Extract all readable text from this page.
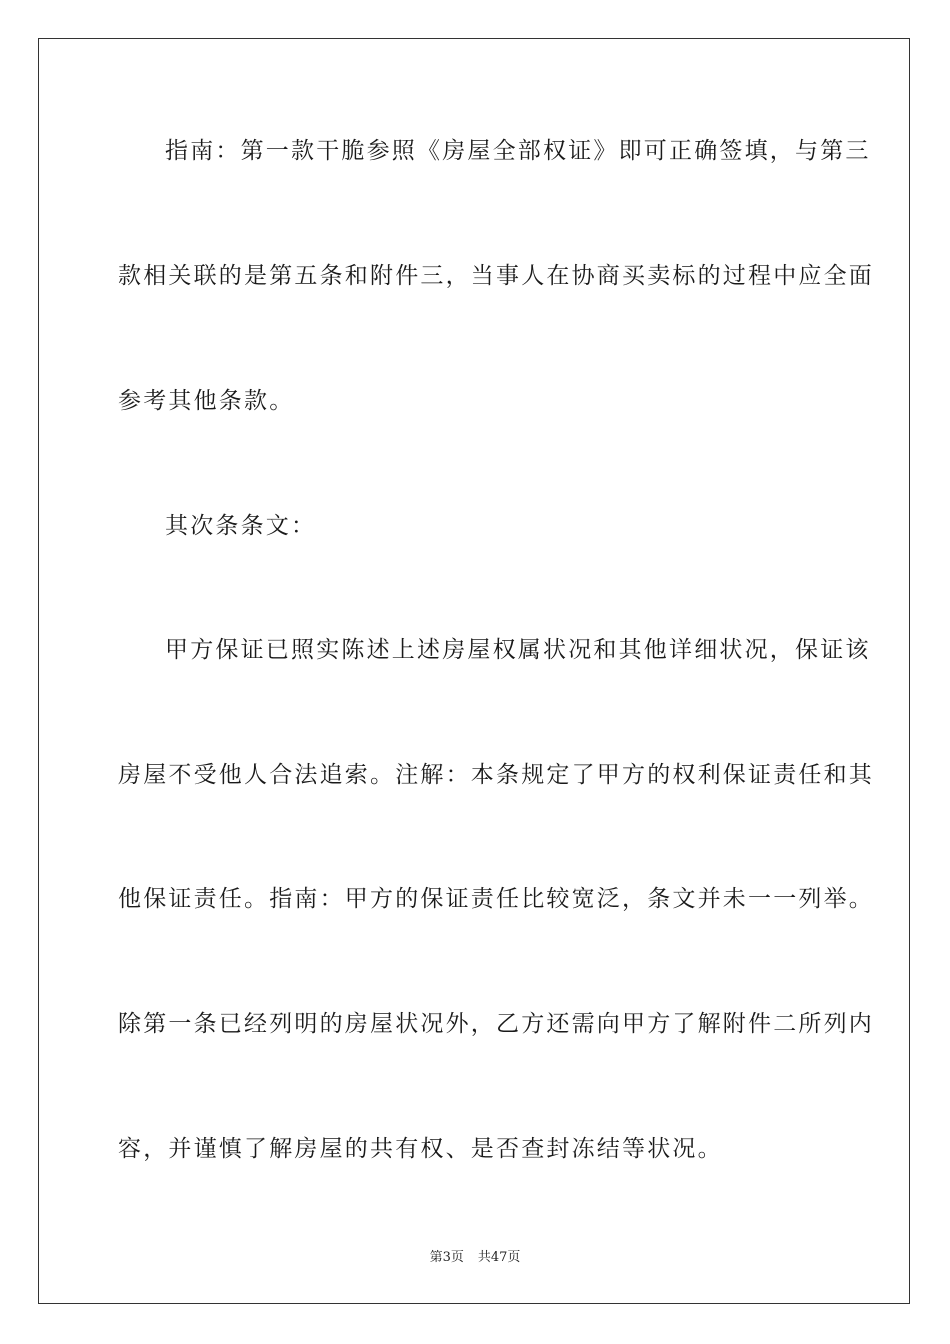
指南：第一款干脆参照《房屋全部权证》即可正确签填，与第三
款相关联的是第五条和附件三，当事人在协商买卖标的过程中应全面
参考其他条款。
其次条条文：
甲方保证已照实陈述上述房屋权属状况和其他详细状况，保证该
房屋不受他人合法追索。注解：本条规定了甲方的权利保证责任和其
他保证责任。指南：甲方的保证责任比较宽泛，条文并未一一列举。
除第一条已经列明的房屋状况外，乙方还需向甲方了解附件二所列内
容，并谨慎了解房屋的共有权、是否查封冻结等状况。
第3页 共47页
